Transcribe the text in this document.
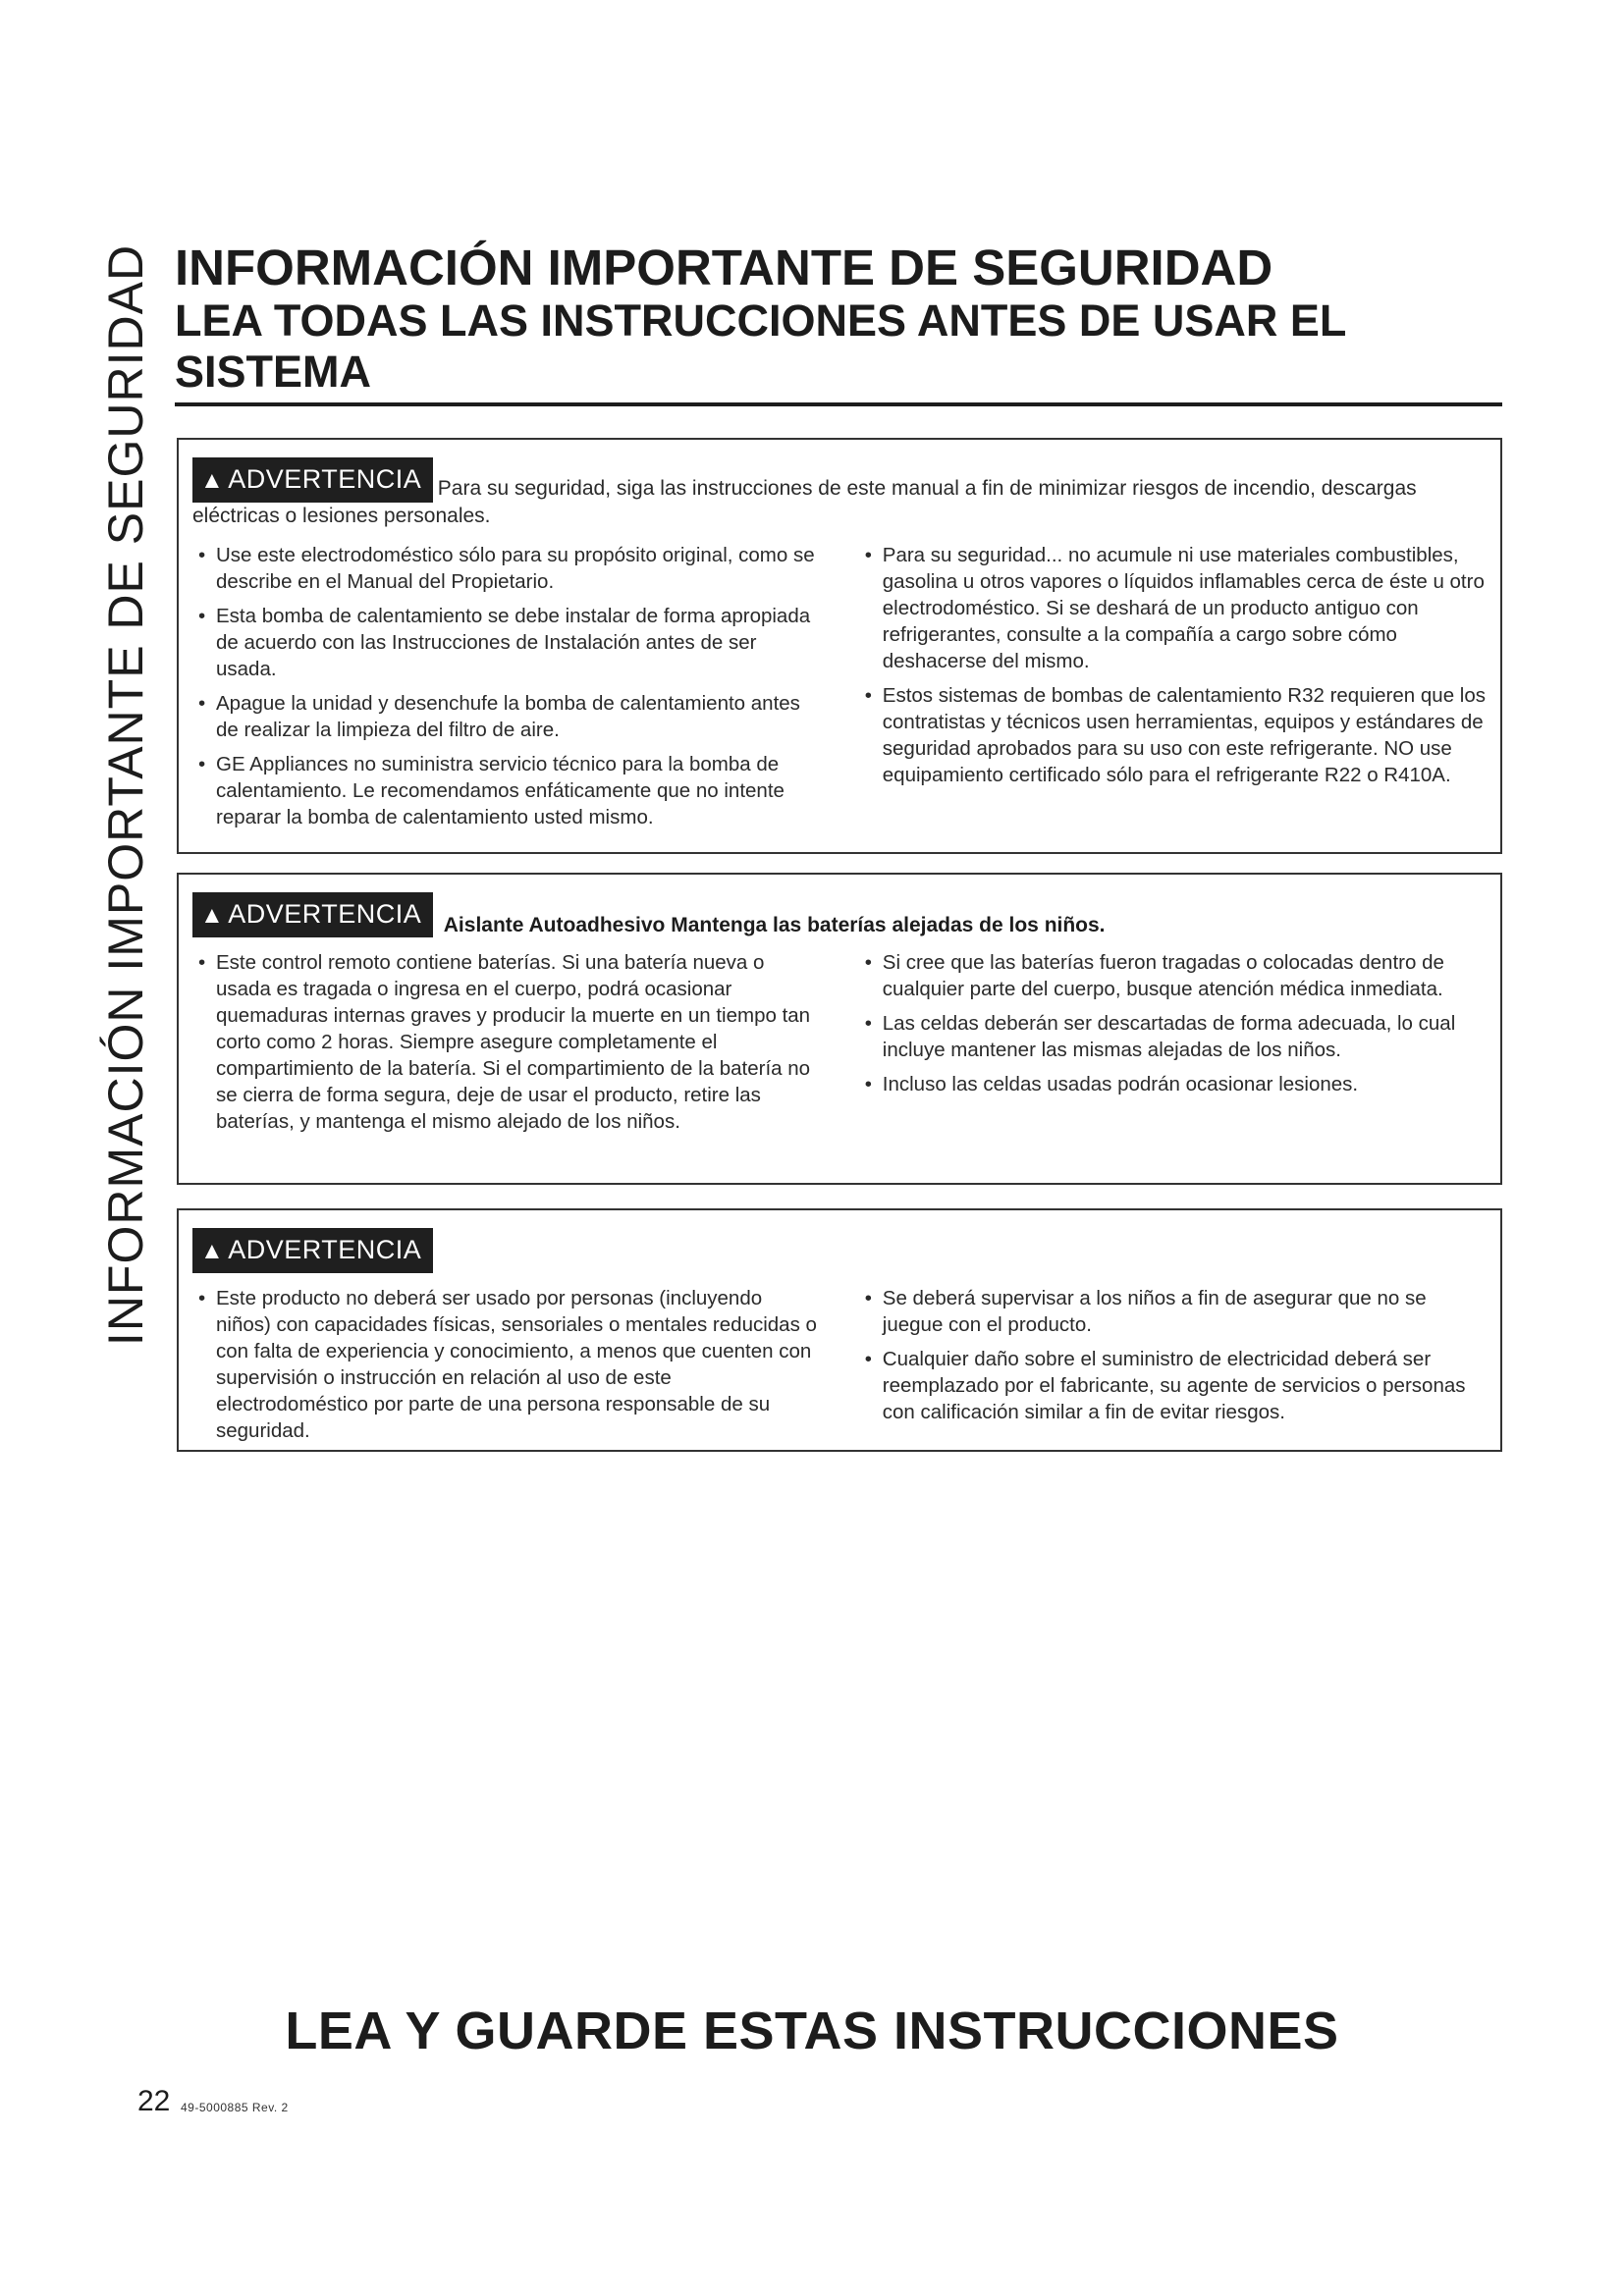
INFORMACIÓN IMPORTANTE DE SEGURIDAD INFORMACIÓN IMPORTANTE DE SEGURIDAD
LEA TODAS LAS INSTRUCCIONES ANTES DE USAR EL SISTEMA
▲ ADVERTENCIA Para su seguridad, siga las instrucciones de este manual a fin de minimizar riesgos de incendio, descargas eléctricas o lesiones personales.
• Use este electrodoméstico sólo para su propósito original, como se describe en el Manual del Propietario.
• Esta bomba de calentamiento se debe instalar de forma apropiada de acuerdo con las Instrucciones de Instalación antes de ser usada.
• Apague la unidad y desenchufe la bomba de calentamiento antes de realizar la limpieza del filtro de aire.
• GE Appliances no suministra servicio técnico para la bomba de calentamiento. Le recomendamos enfáticamente que no intente reparar la bomba de calentamiento usted mismo.
• Para su seguridad... no acumule ni use materiales combustibles, gasolina u otros vapores o líquidos inflamables cerca de éste u otro electrodoméstico. Si se deshará de un producto antiguo con refrigerantes, consulte a la compañía a cargo sobre cómo deshacerse del mismo.
• Estos sistemas de bombas de calentamiento R32 requieren que los contratistas y técnicos usen herramientas, equipos y estándares de seguridad aprobados para su uso con este refrigerante. NO use equipamiento certificado sólo para el refrigerante R22 o R410A.
▲ ADVERTENCIA Aislante Autoadhesivo Mantenga las baterías alejadas de los niños.
• Este control remoto contiene baterías. Si una batería nueva o usada es tragada o ingresa en el cuerpo, podrá ocasionar quemaduras internas graves y producir la muerte en un tiempo tan corto como 2 horas. Siempre asegure completamente el compartimiento de la batería. Si el compartimiento de la batería no se cierra de forma segura, deje de usar el producto, retire las baterías, y mantenga el mismo alejado de los niños.
• Si cree que las baterías fueron tragadas o colocadas dentro de cualquier parte del cuerpo, busque atención médica inmediata.
• Las celdas deberán ser descartadas de forma adecuada, lo cual incluye mantener las mismas alejadas de los niños.
• Incluso las celdas usadas podrán ocasionar lesiones.
▲ ADVERTENCIA
• Este producto no deberá ser usado por personas (incluyendo niños) con capacidades físicas, sensoriales o mentales reducidas o con falta de experiencia y conocimiento, a menos que cuenten con supervisión o instrucción en relación al uso de este electrodoméstico por parte de una persona responsable de su seguridad.
• Se deberá supervisar a los niños a fin de asegurar que no se juegue con el producto.
• Cualquier daño sobre el suministro de electricidad deberá ser reemplazado por el fabricante, su agente de servicios o personas con calificación similar a fin de evitar riesgos.
LEA Y GUARDE ESTAS INSTRUCCIONES
22 49-5000885 Rev. 2
